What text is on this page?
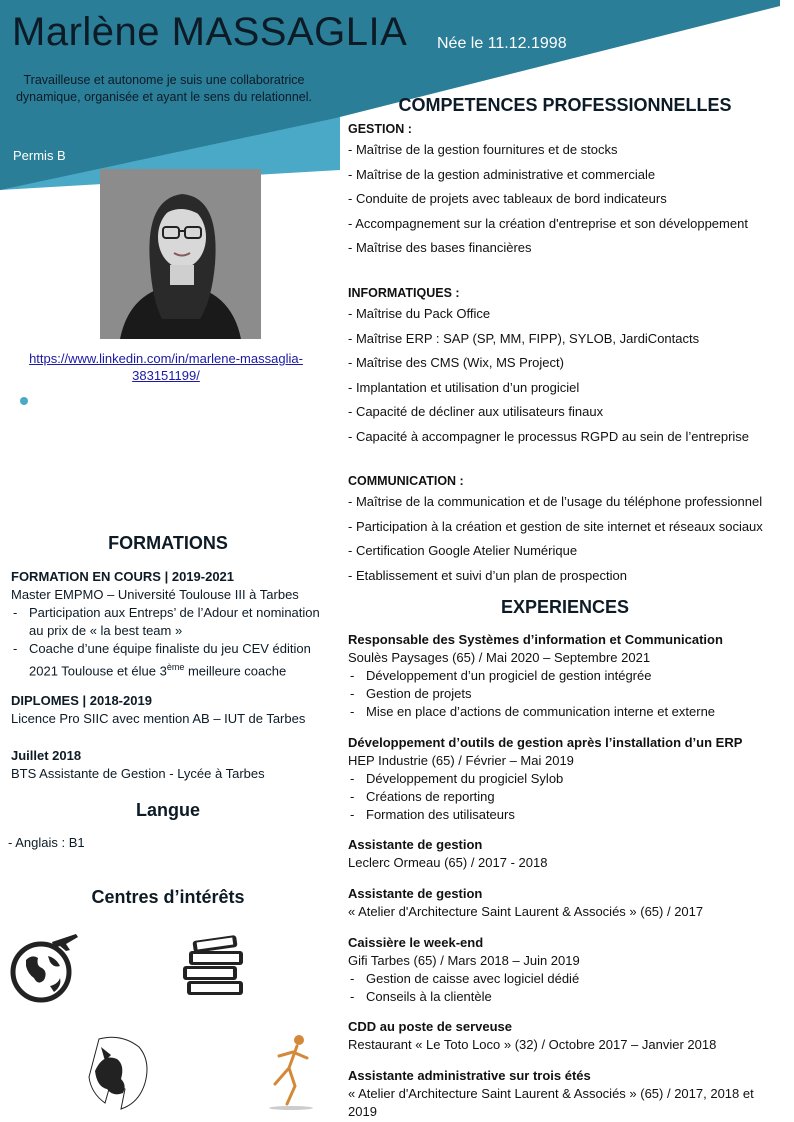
Marlène MASSAGLIA Née le 11.12.1998
Travailleuse et autonome je suis une collaboratrice dynamique, organisée et ayant le sens du relationnel.
Permis B
https://www.linkedin.com/in/marlene-massaglia-383151199/
22 RUE DARWIN 32000 AUCH
06 62 27 77 56
massaglia.marlene@gmail.com
FORMATIONS
FORMATION EN COURS | 2019-2021
Master EMPMO – Université Toulouse III à Tarbes
- Participation aux Entreps’ de l’Adour et nomination au prix de « la best team »
- Coache d’une équipe finaliste du jeu CEV édition 2021 Toulouse et élue 3ème meilleure coache
DIPLOMES | 2018-2019
Licence Pro SIIC avec mention AB – IUT de Tarbes
Juillet 2018
BTS Assistante de Gestion - Lycée à Tarbes
Langue
- Anglais : B1
Centres d’intérêts
COMPETENCES PROFESSIONNELLES
GESTION :
- Maîtrise de la gestion fournitures et de stocks
- Maîtrise de la gestion administrative et commerciale
- Conduite de projets avec tableaux de bord indicateurs
- Accompagnement sur la création d'entreprise et son développement
- Maîtrise des bases financières
INFORMATIQUES :
- Maîtrise du Pack Office
- Maîtrise ERP : SAP (SP, MM, FIPP), SYLOB, JardiContacts
- Maîtrise des CMS (Wix, MS Project)
- Implantation et utilisation d’un progiciel
- Capacité de décliner aux utilisateurs finaux
- Capacité à accompagner le processus RGPD au sein de l’entreprise
COMMUNICATION :
- Maîtrise de la communication et de l’usage du téléphone professionnel
- Participation à la création et gestion de site internet et réseaux sociaux
- Certification Google Atelier Numérique
- Etablissement et suivi d’un plan de prospection
EXPERIENCES
Responsable des Systèmes d’information et Communication
Soulès Paysages (65) / Mai 2020 – Septembre 2021
- Développement d’un progiciel de gestion intégrée
- Gestion de projets
- Mise en place d’actions de communication interne et externe
Développement d’outils de gestion après l’installation d’un ERP
HEP Industrie (65) / Février – Mai 2019
- Développement du progiciel Sylob
- Créations de reporting
- Formation des utilisateurs
Assistante de gestion
Leclerc Ormeau (65) / 2017 - 2018
Assistante de gestion
« Atelier d'Architecture Saint Laurent & Associés » (65) / 2017
Caissière le week-end
Gifi Tarbes (65) / Mars 2018 – Juin 2019
- Gestion de caisse avec logiciel dédié
- Conseils à la clientèle
CDD au poste de serveuse
Restaurant « Le Toto Loco » (32) / Octobre 2017 – Janvier 2018
Assistante administrative sur trois étés
« Atelier d'Architecture Saint Laurent & Associés » (65) / 2017, 2018 et 2019
